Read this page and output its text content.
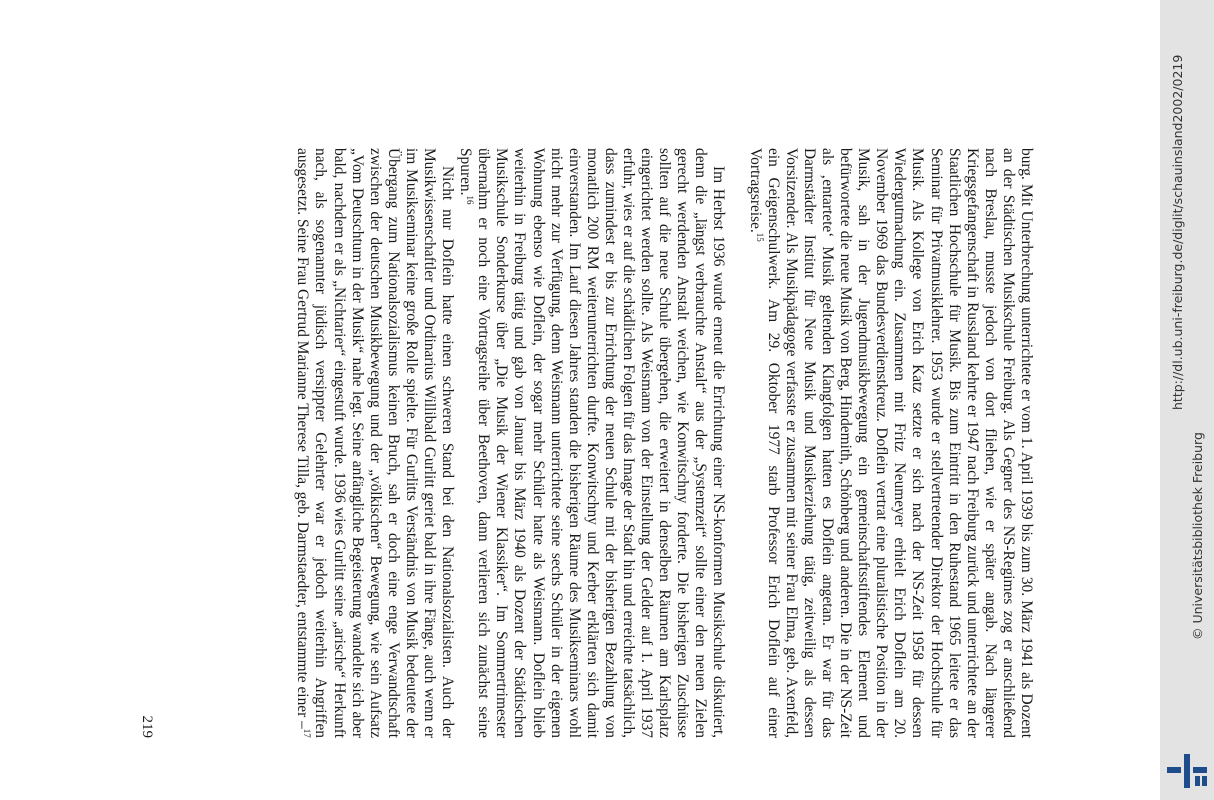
burg. Mit Unterbrechung unterrichtete er vom 1. April 1939 bis zum 30. März 1941 als Dozent an der Städtischen Musikschule Freiburg. Als Gegner des NS-Regimes zog er anschließend nach Breslau, musste jedoch von dort fliehen, wie er später angab. Nach längerer Kriegsgefangenschaft in Russland kehrte er 1947 nach Freiburg zurück und unterrichtete an der Staatlichen Hochschule für Musik. Bis zum Eintritt in den Ruhestand 1965 leitete er das Seminar für Privatmusiklehrer. 1953 wurde er stellvertretender Direktor der Hochschule für Musik. Als Kollege von Erich Katz setzte er sich nach der NS-Zeit 1958 für dessen Wiedergutmachung ein. Zusammen mit Fritz Neumeyer erhielt Erich Doflein am 20. November 1969 das Bundesverdienstkreuz. Doflein vertrat eine pluralistische Position in der Musik, sah in der Jugendmusikbewegung ein gemeinschaftsstiftendes Element und befürwortete die neue Musik von Berg, Hindemith, Schönberg und anderen. Die in der NS-Zeit als ‚entartete‘ Musik geltenden Klangfolgen hatten es Doflein angetan. Er war für das Darmstädter Institut für Neue Musik und Musikerziehung tätig, zeitweilig als dessen Vorsitzender. Als Musikpädagoge verfasste er zusammen mit seiner Frau Elma, geb. Axenfeld, ein Geigenschulwerk. Am 29. Oktober 1977 starb Professor Erich Doflein auf einer Vortragsreise.$^{15}$

Im Herbst 1936 wurde erneut die Errichtung einer NS-konformen Musikschule diskutiert, denn die „längst verbrauchte Anstalt“ aus der „Systemzeit“ sollte einer den neuen Zielen gerecht werdenden Anstalt weichen, wie Konwitschny forderte. Die bisherigen Zuschüsse sollten auf die neue Schule übergehen, die erweitert in denselben Räumen am Karlsplatz eingerichtet werden sollte. Als Weismann von der Einstellung der Gelder auf 1. April 1937 erfuhr, wies er auf die schädlichen Folgen für das Image der Stadt hin und erreichte tatsächlich, dass zumindest er bis zur Errichtung der neuen Schule mit der bisherigen Bezahlung von monatlich 200 RM weiterunterrichten durfte. Konwitschny und Kerber erklärten sich damit einverstanden. Im Lauf diesen Jahres standen die bisherigen Räume des Musikseminars wohl nicht mehr zur Verfügung, denn Weismann unterrichtete seine sechs Schüler in der eigenen Wohnung ebenso wie Doflein, der sogar mehr Schüler hatte als Weismann. Doflein blieb weiterhin in Freiburg tätig und gab von Januar bis März 1940 als Dozent der Städtischen Musikschule Sonderkurse über „Die Musik der Wiener Klassiker“. Im Sommertrimester übernahm er noch eine Vortragsreihe über Beethoven, dann verlieren sich zunächst seine Spuren.$^{16}$

Nicht nur Doflein hatte einen schweren Stand bei den Nationalsozialisten. Auch der Musikwissenschaftler und Ordinarius Willibald Gurlitt geriet bald in ihre Fänge, auch wenn er im Musikseminar keine große Rolle spielte. Für Gurlitts Verständnis von Musik bedeutete der Übergang zum Nationalsozialismus keinen Bruch, sah er doch eine enge Verwandtschaft zwischen der deutschen Musikbewegung und der „völkischen“ Bewegung, wie sein Aufsatz „Vom Deutschtum in der Musik“ nahe legt. Seine anfängliche Begeisterung wandelte sich aber bald, nachdem er als „Nichtarier“ eingestuft wurde. 1936 wies Gurlitt seine „arische“ Herkunft nach, als sogenannter jüdisch versippter Gelehrter war er jedoch weiterhin Angriffen ausgesetzt. Seine Frau Gertrud Marianne Therese Tilla, geb. Darmstaedter, entstammte einer –$^{17}$

219
http://dl.ub.uni-freiburg.de/diglit/schauinsland2002/0219
© Universitätsbibliothek Freiburg
